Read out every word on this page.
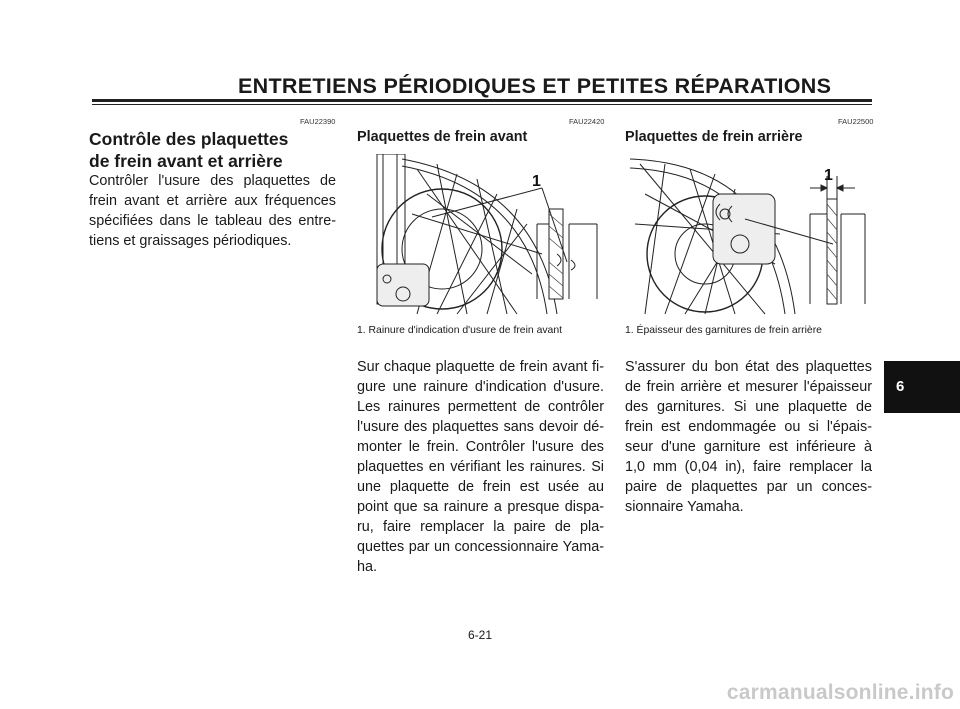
ENTRETIENS PÉRIODIQUES ET PETITES RÉPARATIONS
FAU22390
Contrôle des plaquettes
de frein avant et arrière
Contrôler l'usure des plaquettes de frein avant et arrière aux fréquences spécifiées dans le tableau des entre-tiens et graissages périodiques.
FAU22420
Plaquettes de frein avant
1
1. Rainure d'indication d'usure de frein avant
Sur chaque plaquette de frein avant fi-gure une rainure d'indication d'usure. Les rainures permettent de contrôler l'usure des plaquettes sans devoir dé-monter le frein. Contrôler l'usure des plaquettes en vérifiant les rainures. Si une plaquette de frein est usée au point que sa rainure a presque dispa-ru, faire remplacer la paire de pla-quettes par un concessionnaire Yama-ha.
FAU22500
Plaquettes de frein arrière
1
1. Épaisseur des garnitures de frein arrière
S'assurer du bon état des plaquettes de frein arrière et mesurer l'épaisseur des garnitures. Si une plaquette de frein est endommagée ou si l'épais-seur d'une garniture est inférieure à 1,0 mm (0,04 in), faire remplacer la paire de plaquettes par un conces-sionnaire Yamaha.
6
6-21
carmanualsonline.info
